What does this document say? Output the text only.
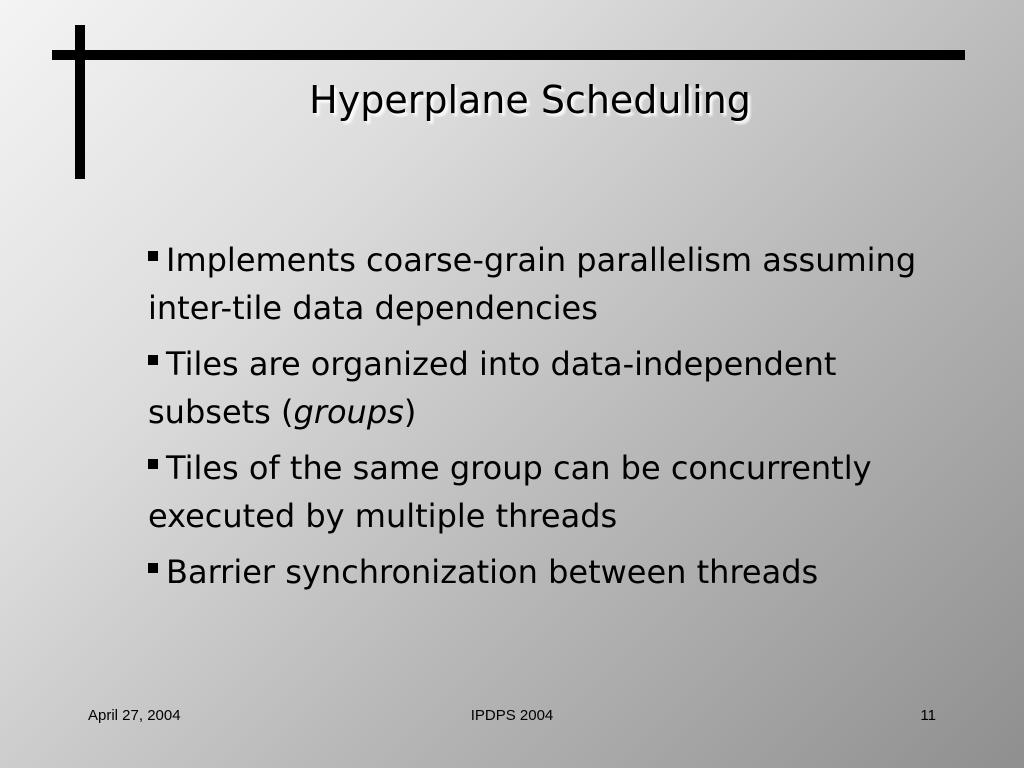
Hyperplane Scheduling
Implements coarse-grain parallelism assuming inter-tile data dependencies
Tiles are organized into data-independent subsets (groups)
Tiles of the same group can be concurrently executed by multiple threads
Barrier synchronization between threads
April 27, 2004	IPDPS 2004	11
